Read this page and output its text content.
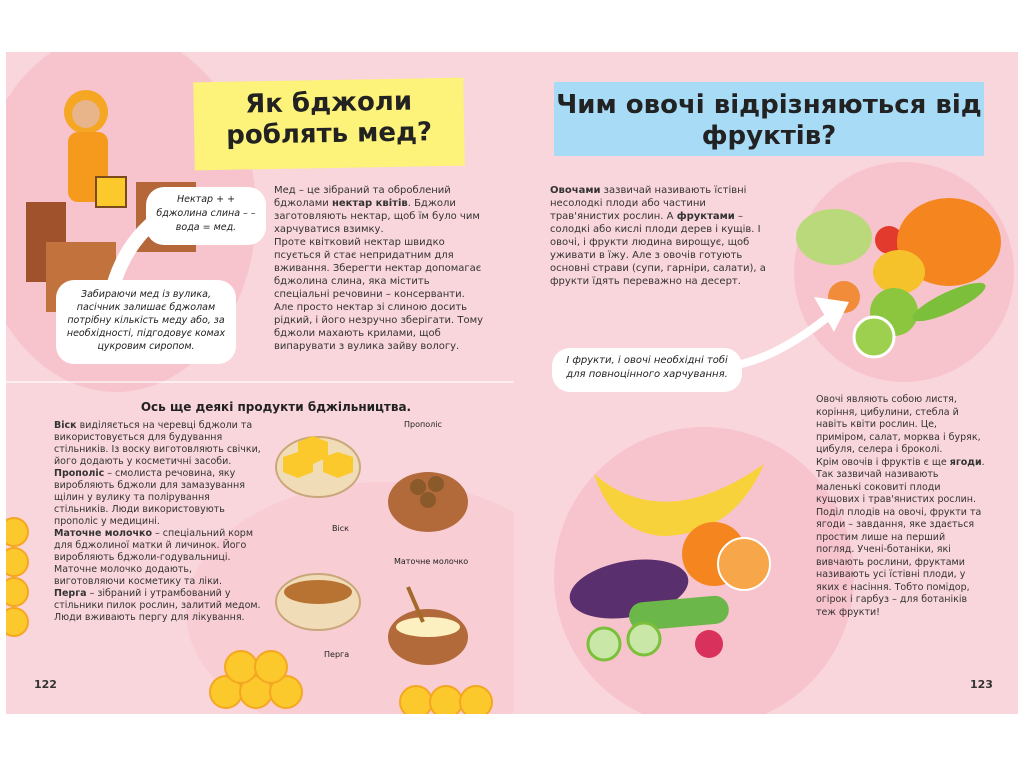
Як бджоли роблять мед?
Нектар + + бджолина слина – – вода = мед.
Забираючи мед із вулика, пасічник залишає бджолам потрібну кількість меду або, за необхідності, підгодовує комах цукровим сиропом.
Мед – це зібраний та оброблений бджолами нектар квітів. Бджоли заготовляють нектар, щоб їм було чим харчуватися взимку.
Проте квітковий нектар швидко псується й стає непридатним для вживання. Зберегти нектар допомагає бджолина слина, яка містить спеціальні речовини – консерванти. Але просто нектар зі слиною досить рідкий, і його незручно зберігати. Тому бджоли махають крилами, щоб випарувати з вулика зайву вологу.
Ось ще деякі продукти бджільництва.
Віск виділяється на черевці бджоли та використовується для будування стільників. Із воску виготовляють свічки, його додають у косметичні засоби.
Прополіс – смолиста речовина, яку виробляють бджоли для замазування щілин у вулику та полірування стільників. Люди використовують прополіс у медицині.
Маточне молочко – спеціальний корм для бджолиної матки й личинок. Його виробляють бджоли-годувальниці. Маточне молочко додають, виготовляючи косметику та ліки.
Перга – зібраний і утрамбований у стільники пилок рослин, залитий медом. Люди вживають пергу для лікування.
Прополіс
Віск
Маточне молочко
Перга
122
Чим овочі відрізняються від фруктів?
Овочами зазвичай називають їстівні несолодкі плоди або частини трав'янистих рослин. А фруктами – солодкі або кислі плоди дерев і кущів. І овочі, і фрукти людина вирощує, щоб уживати в їжу. Але з овочів готують основні страви (супи, гарніри, салати), а фрукти їдять переважно на десерт.
І фрукти, і овочі необхідні тобі для повноцінного харчування.
Овочі являють собою листя, коріння, цибулини, стебла й навіть квіти рослин. Це, приміром, салат, морква і буряк, цибуля, селера і броколі.
Крім овочів і фруктів є ще ягоди. Так зазвичай називають маленькі соковиті плоди кущових і трав'янистих рослин. Поділ плодів на овочі, фрукти та ягоди – завдання, яке здається простим лише на перший погляд. Учені-ботаніки, які вивчають рослини, фруктами називають усі їстівні плоди, у яких є насіння. Тобто помідор, огірок і гарбуз – для ботаніків теж фрукти!
123
